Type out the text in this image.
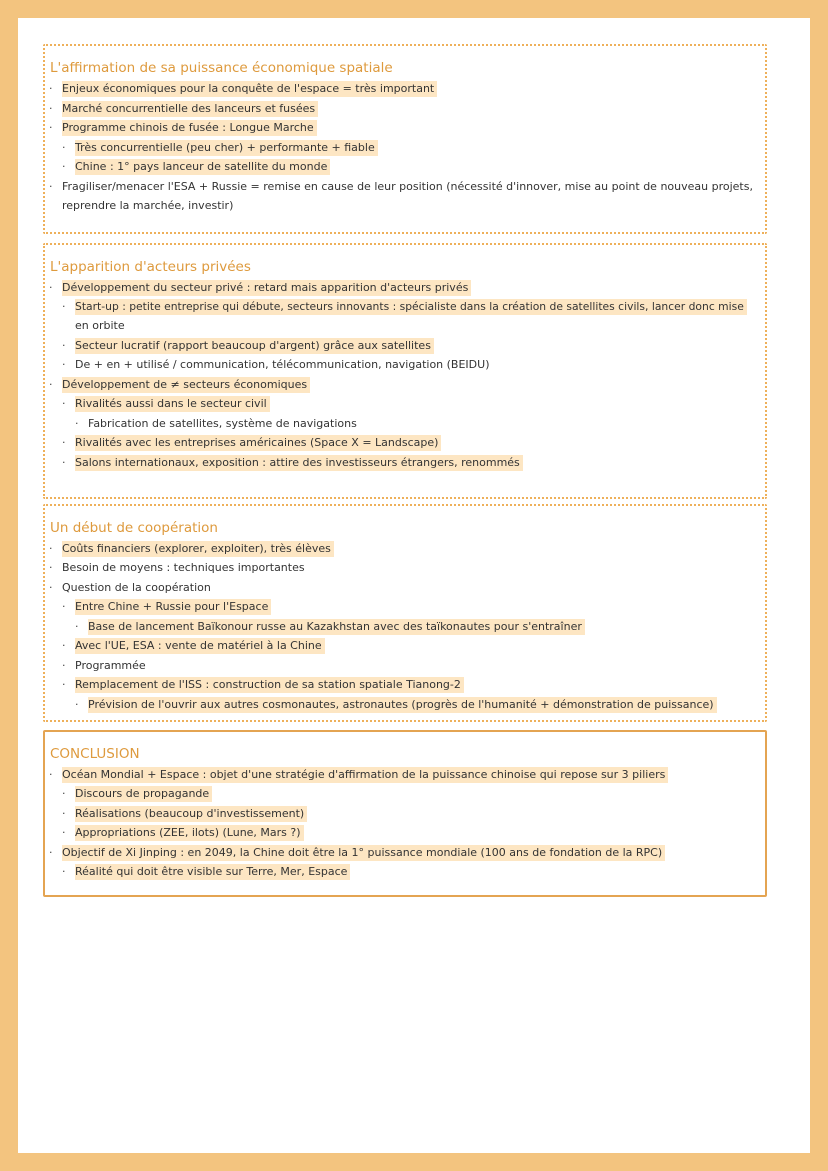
L'affirmation de sa puissance économique spatiale
· Enjeux économiques pour la conquête de l'espace = très important
· Marché concurrentielle des lanceurs et fusées
· Programme chinois de fusée : Longue Marche
· Très concurrentielle (peu cher) + performante + fiable
· Chine : 1° pays lanceur de satellite du monde
· Fragiliser/menacer l'ESA + Russie = remise en cause de leur position (nécessité d'innover, mise au point de nouveau projets,
reprendre la marchée, investir)
L'apparition d'acteurs privées
· Développement du secteur privé : retard mais apparition d'acteurs privés
· Start-up : petite entreprise qui débute, secteurs innovants : spécialiste dans la création de satellites civils, lancer donc mise
en orbite
· Secteur lucratif (rapport beaucoup d'argent) grâce aux satellites
· De + en + utilisé / communication, télécommunication, navigation (BEIDU)
· Développement de ≠ secteurs économiques
· Rivalités aussi dans le secteur civil
· Fabrication de satellites, système de navigations
· Rivalités avec les entreprises américaines (Space X = Landscape)
· Salons internationaux, exposition : attire des investisseurs étrangers, renommés
Un début de coopération
· Coûts financiers (explorer, exploiter), très élèves
· Besoin de moyens : techniques importantes
· Question de la coopération
· Entre Chine + Russie pour l'Espace
· Base de lancement Baïkonour russe au Kazakhstan avec des taïkonautes pour s'entraîner
· Avec l'UE, ESA : vente de matériel à la Chine
· Programmée
· Remplacement de l'ISS : construction de sa station spatiale Tianong-2
· Prévision de l'ouvrir aux autres cosmonautes, astronautes (progrès de l'humanité + démonstration de puissance)
CONCLUSION
· Océan Mondial + Espace : objet d'une stratégie d'affirmation de la puissance chinoise qui repose sur 3 piliers
· Discours de propagande
· Réalisations (beaucoup d'investissement)
· Appropriations (ZEE, ilots) (Lune, Mars ?)
· Objectif de Xi Jinping : en 2049, la Chine doit être la 1° puissance mondiale (100 ans de fondation de la RPC)
· Réalité qui doit être visible sur Terre, Mer, Espace
